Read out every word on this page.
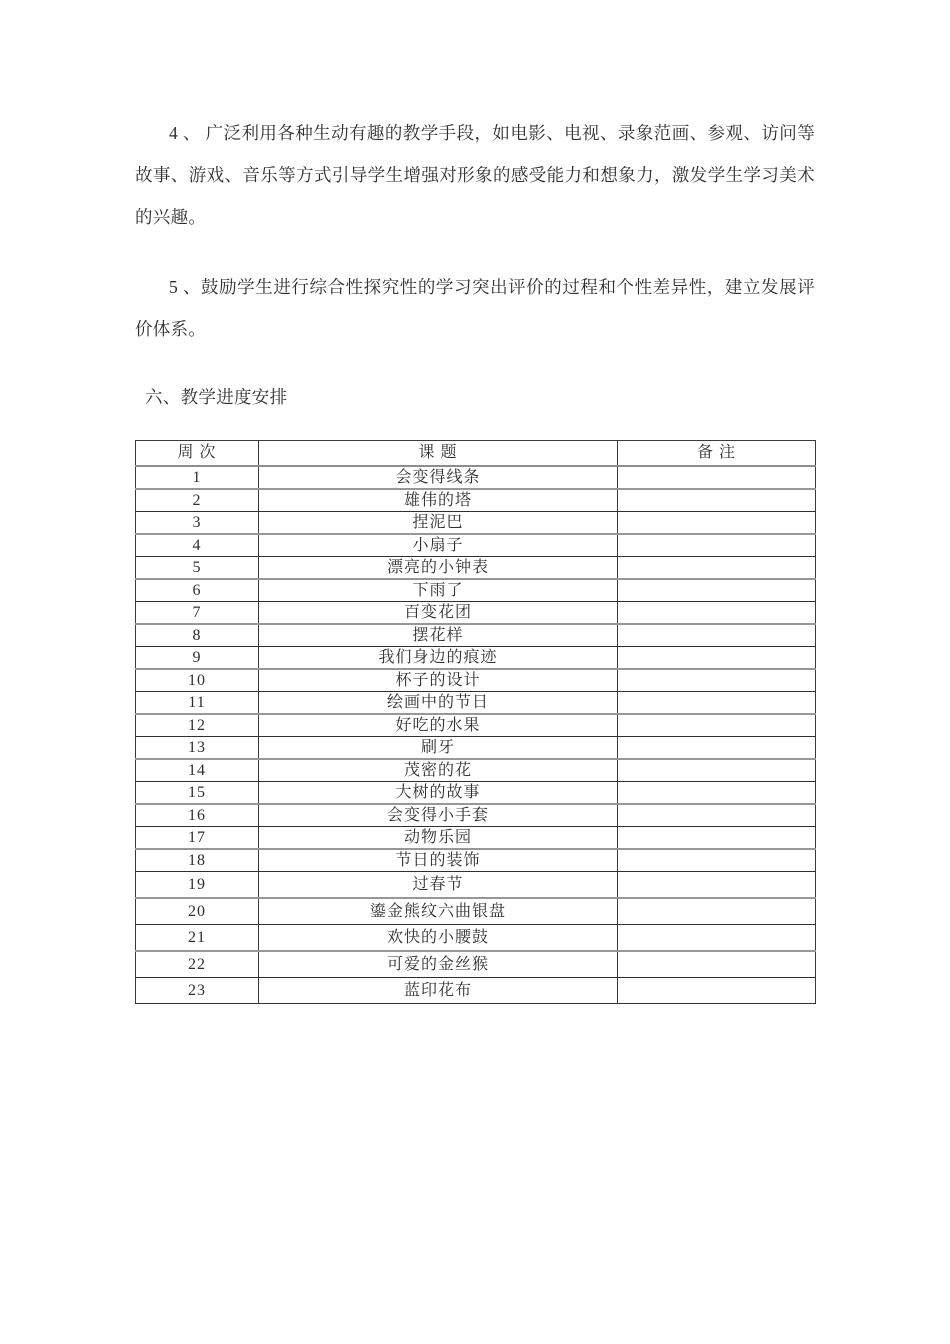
4 、 广泛利用各种生动有趣的教学手段，如电影、电视、录象范画、参观、访问等故事、游戏、音乐等方式引导学生增强对形象的感受能力和想象力，激发学生学习美术的兴趣。

5 、鼓励学生进行综合性探究性的学习突出评价的过程和个性差异性，建立发展评价体系。

六、教学进度安排
周 次	课 题	备 注
1	会变得线条	
2	雄伟的塔	
3	捏泥巴	
4	小扇子	
5	漂亮的小钟表	
6	下雨了	
7	百变花团	
8	摆花样	
9	我们身边的痕迹	
10	杯子的设计	
11	绘画中的节日	
12	好吃的水果	
13	刷牙	
14	茂密的花	
15	大树的故事	
16	会变得小手套	
17	动物乐园	
18	节日的装饰	
19	过春节	
20	鎏金熊纹六曲银盘	
21	欢快的小腰鼓	
22	可爱的金丝猴	
23	蓝印花布	
